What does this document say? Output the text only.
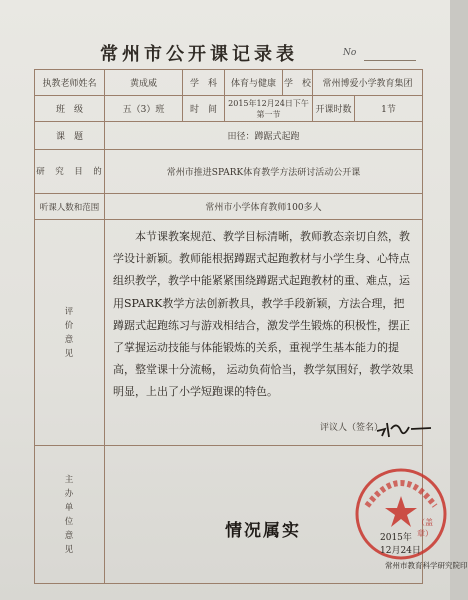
常州市公开课记录表	No
执教老师姓名	黄成威	学　科	体育与健康	学　校	常州博爱小学教育集团	
班　级	五（3）班	时　间	2015年12月24日下午第一节		开课时数	1节
课　题	田径：蹲踞式起跑					
研　究　目　的	常州市推进SPARK体育教学方法研讨活动公开课					
听课人数和范围	常州市小学体育教师100多人					
评　价　意　见	本节课教案规范、教学目标清晰，教师教态亲切自然，教学设计新颖。教师能根据蹲踞式起跑教材与小学生身、心特点组织教学，教学中能紧紧围绕蹲踞式起跑教材的重、难点，运用SPARK教学方法创新教具，教学手段新颖，方法合理，把蹲踞式起跑练习与游戏相结合，激发学生锻炼的积极性，摆正了掌握运动技能与体能锻炼的关系，重视学生基本能力的提高，整堂课十分流畅， 运动负荷恰当，教学氛围好，教学效果明显，上出了小学短跑课的特色。
评议人（签名）					

主　办　单　位　意　见	情况属实 （盖章）
2015年12月24日
常州市教育科学研究院印					
